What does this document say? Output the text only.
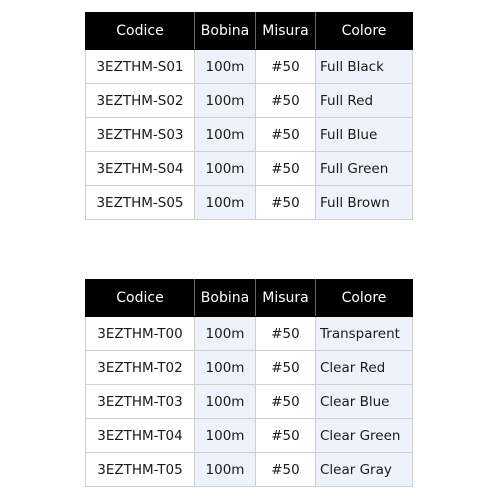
Codice	Bobina	Misura	Colore
3EZTHM-S01	100m	#50	Full Black
3EZTHM-S02	100m	#50	Full Red
3EZTHM-S03	100m	#50	Full Blue
3EZTHM-S04	100m	#50	Full Green
3EZTHM-S05	100m	#50	Full Brown
Codice	Bobina	Misura	Colore
3EZTHM-T00	100m	#50	Transparent
3EZTHM-T02	100m	#50	Clear Red
3EZTHM-T03	100m	#50	Clear Blue
3EZTHM-T04	100m	#50	Clear Green
3EZTHM-T05	100m	#50	Clear Gray
